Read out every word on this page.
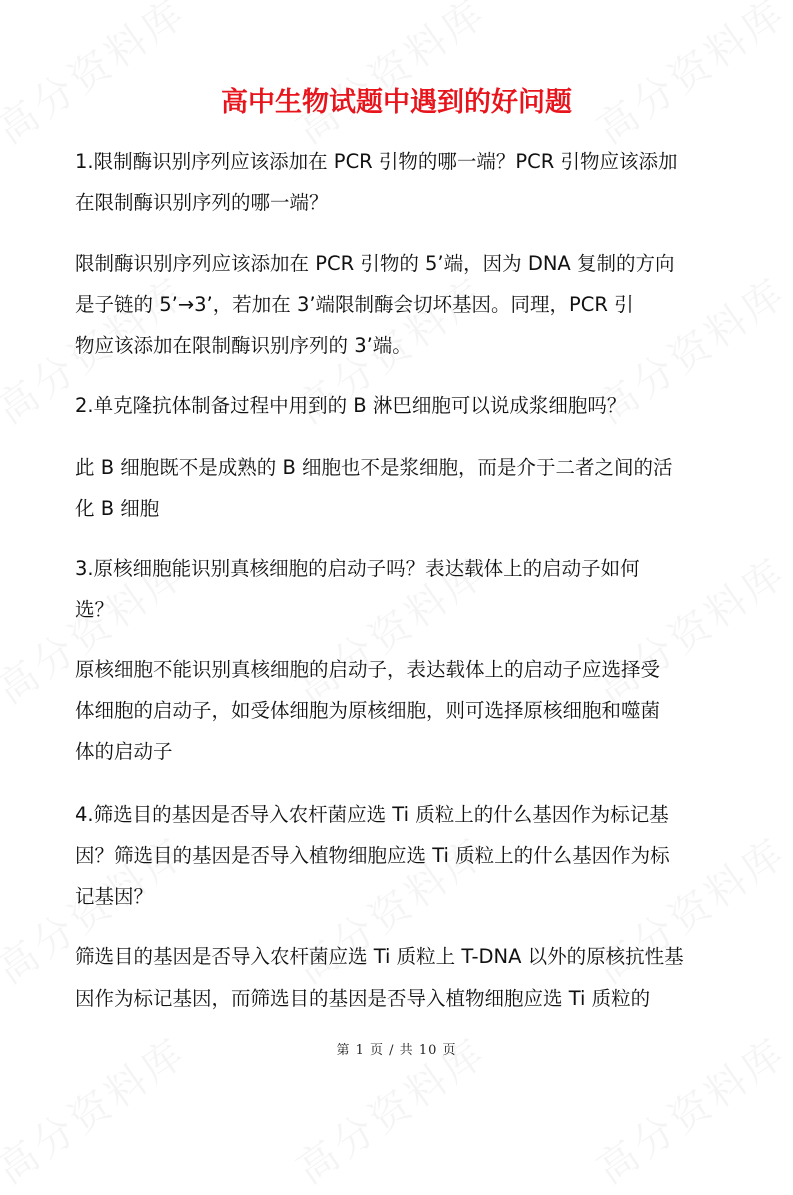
高中生物试题中遇到的好问题
1.限制酶识别序列应该添加在 PCR 引物的哪一端？PCR 引物应该添加
在限制酶识别序列的哪一端？
限制酶识别序列应该添加在 PCR 引物的 5’端，因为 DNA 复制的方向
是子链的 5’→3’，若加在 3’端限制酶会切坏基因。同理，PCR 引
物应该添加在限制酶识别序列的 3’端。
2.单克隆抗体制备过程中用到的 B 淋巴细胞可以说成浆细胞吗？
此 B 细胞既不是成熟的 B 细胞也不是浆细胞，而是介于二者之间的活
化 B 细胞
3.原核细胞能识别真核细胞的启动子吗？表达载体上的启动子如何
选？
原核细胞不能识别真核细胞的启动子，表达载体上的启动子应选择受
体细胞的启动子，如受体细胞为原核细胞，则可选择原核细胞和噬菌
体的启动子
4.筛选目的基因是否导入农杆菌应选 Ti 质粒上的什么基因作为标记基
因？筛选目的基因是否导入植物细胞应选 Ti 质粒上的什么基因作为标
记基因？
筛选目的基因是否导入农杆菌应选 Ti 质粒上 T-DNA 以外的原核抗性基
因作为标记基因，而筛选目的基因是否导入植物细胞应选 Ti 质粒的
第 1 页 / 共 10 页
